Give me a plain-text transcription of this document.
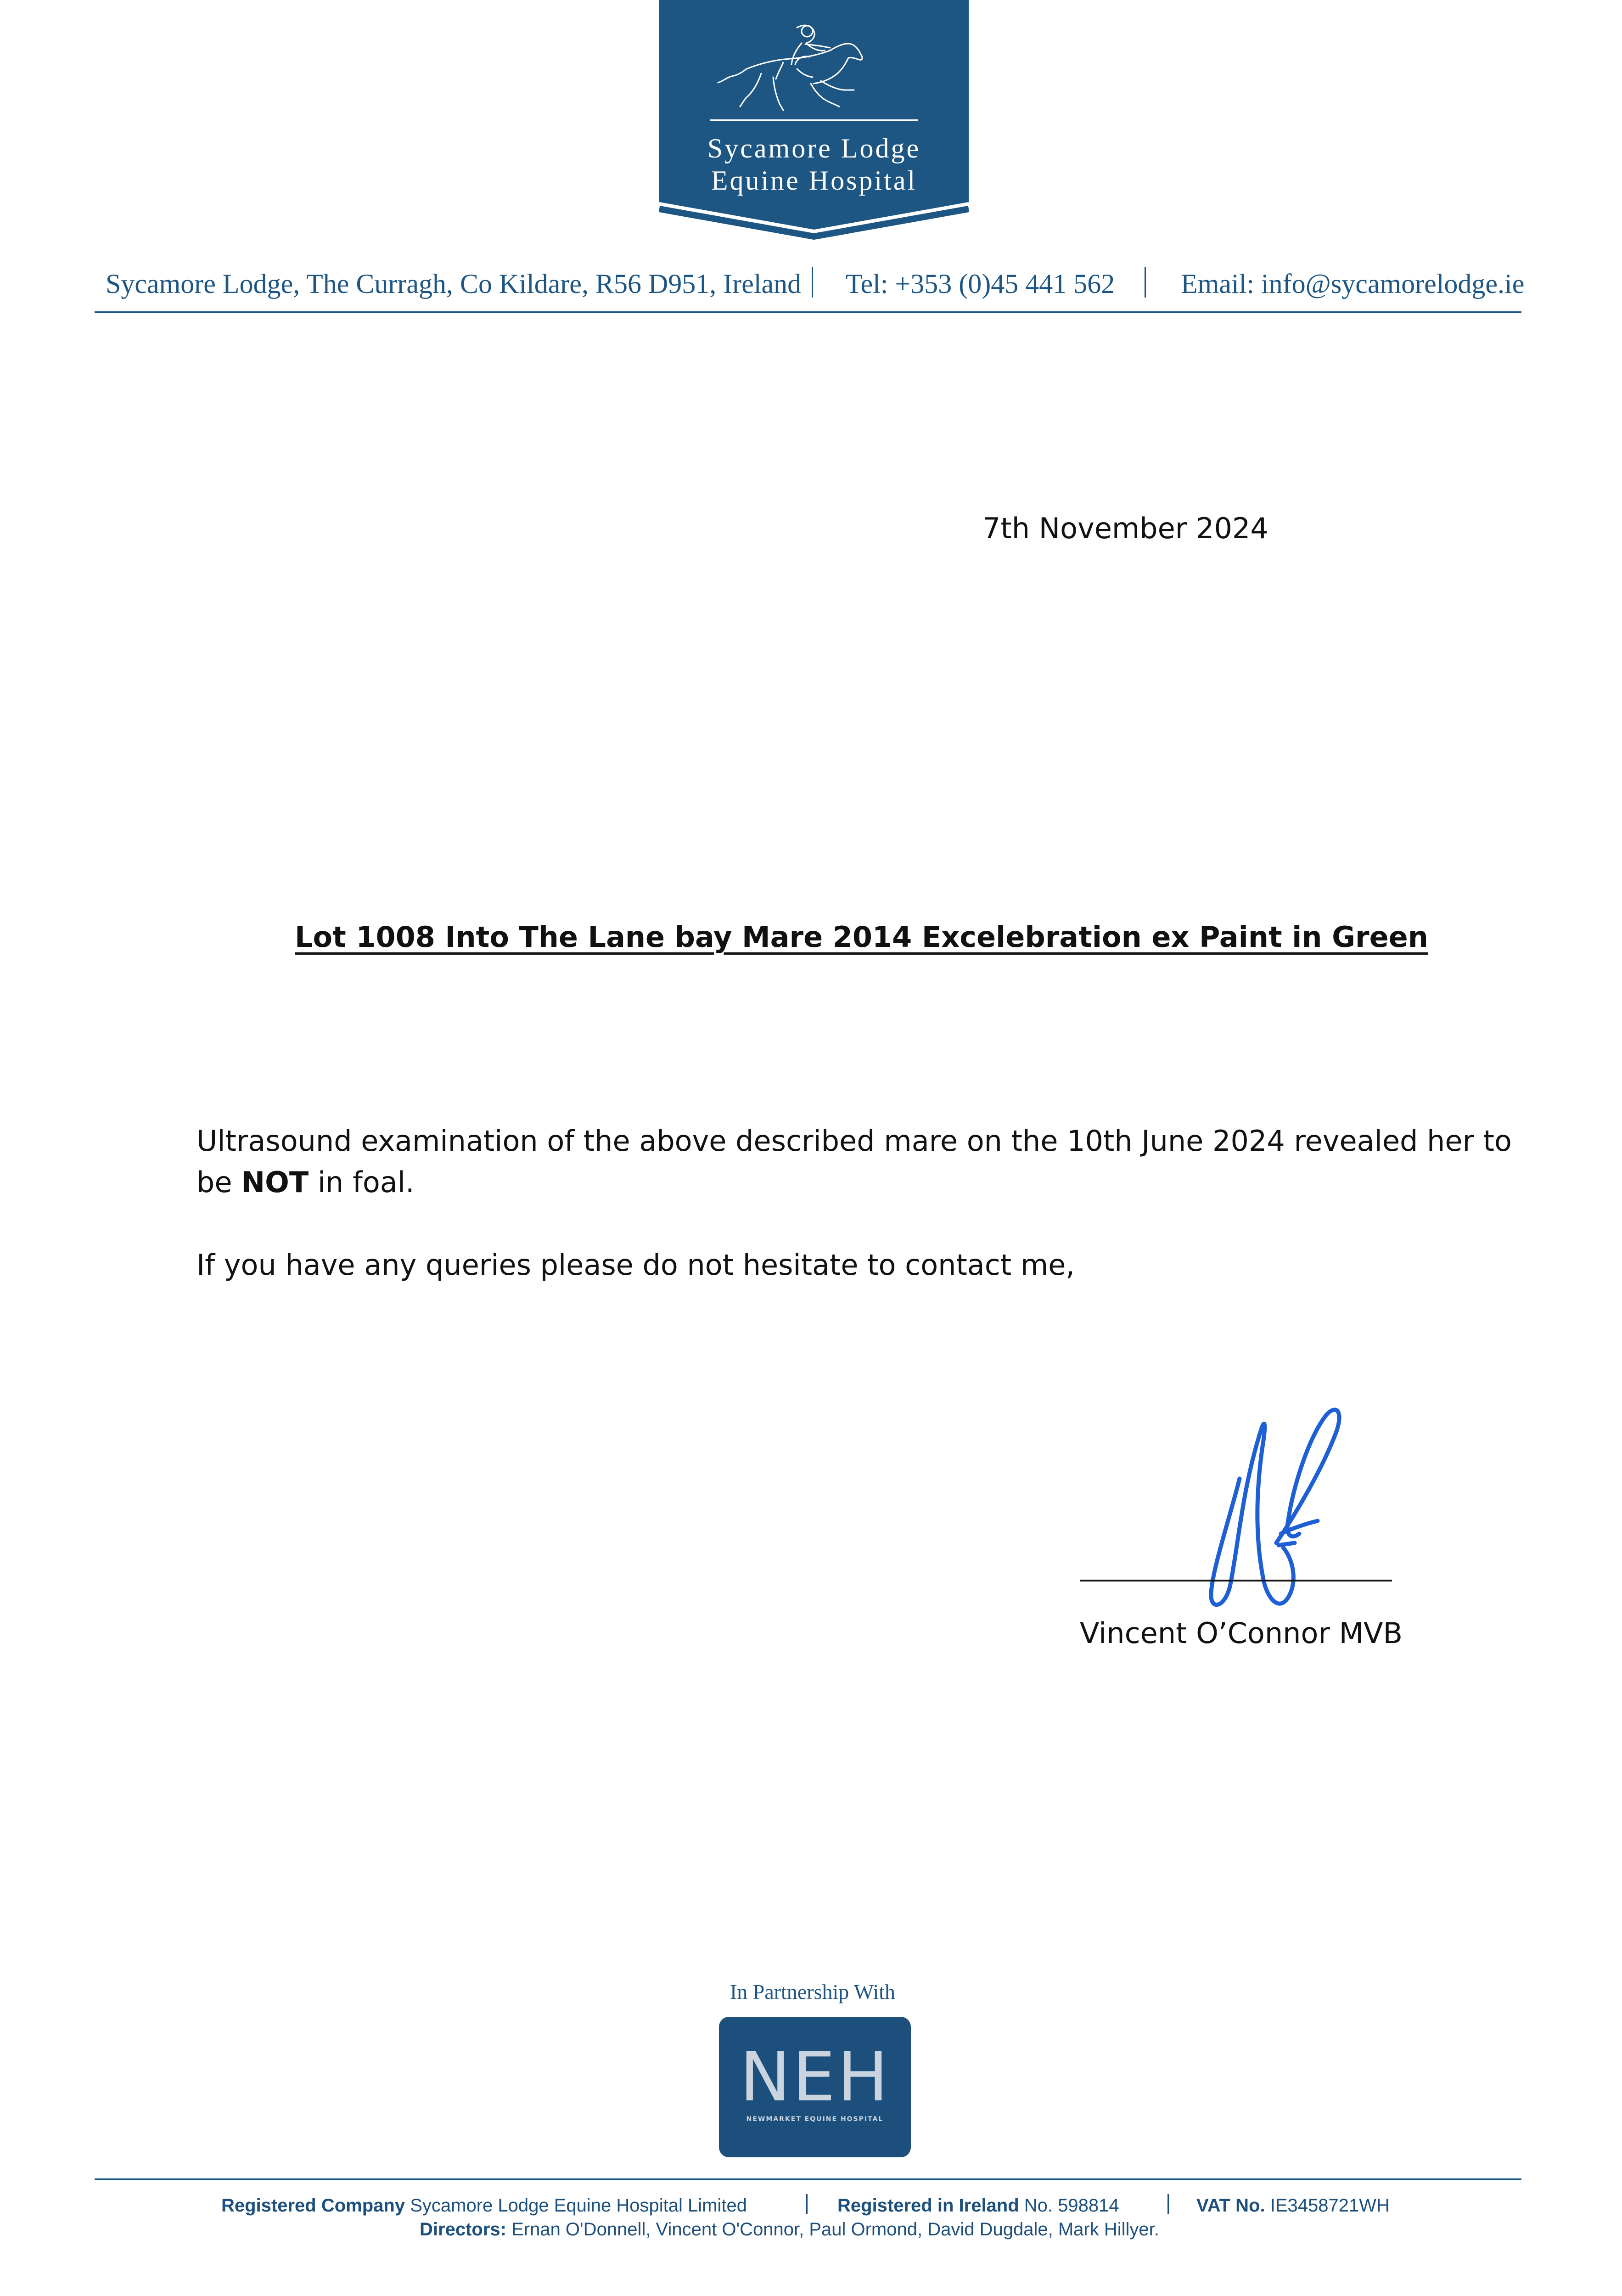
Sycamore Lodge
Equine Hospital
Sycamore Lodge, The Curragh, Co Kildare, R56 D951, Ireland Tel: +353 (0)45 441 562 Email: info@sycamorelodge.ie
7th November 2024
Lot 1008 Into The Lane bay Mare 2014 Excelebration ex Paint in Green
Ultrasound examination of the above described mare on the 10th June 2024 revealed her to
be NOT in foal.
If you have any queries please do not hesitate to contact me,
Vincent O’Connor MVB
In Partnership With
NEH
NEWMARKET EQUINE HOSPITAL
Registered Company Sycamore Lodge Equine Hospital Limited	Registered in Ireland No. 598814	VAT No. IE3458721WH
Directors: Ernan O'Donnell, Vincent O'Connor, Paul Ormond, David Dugdale, Mark Hillyer.
